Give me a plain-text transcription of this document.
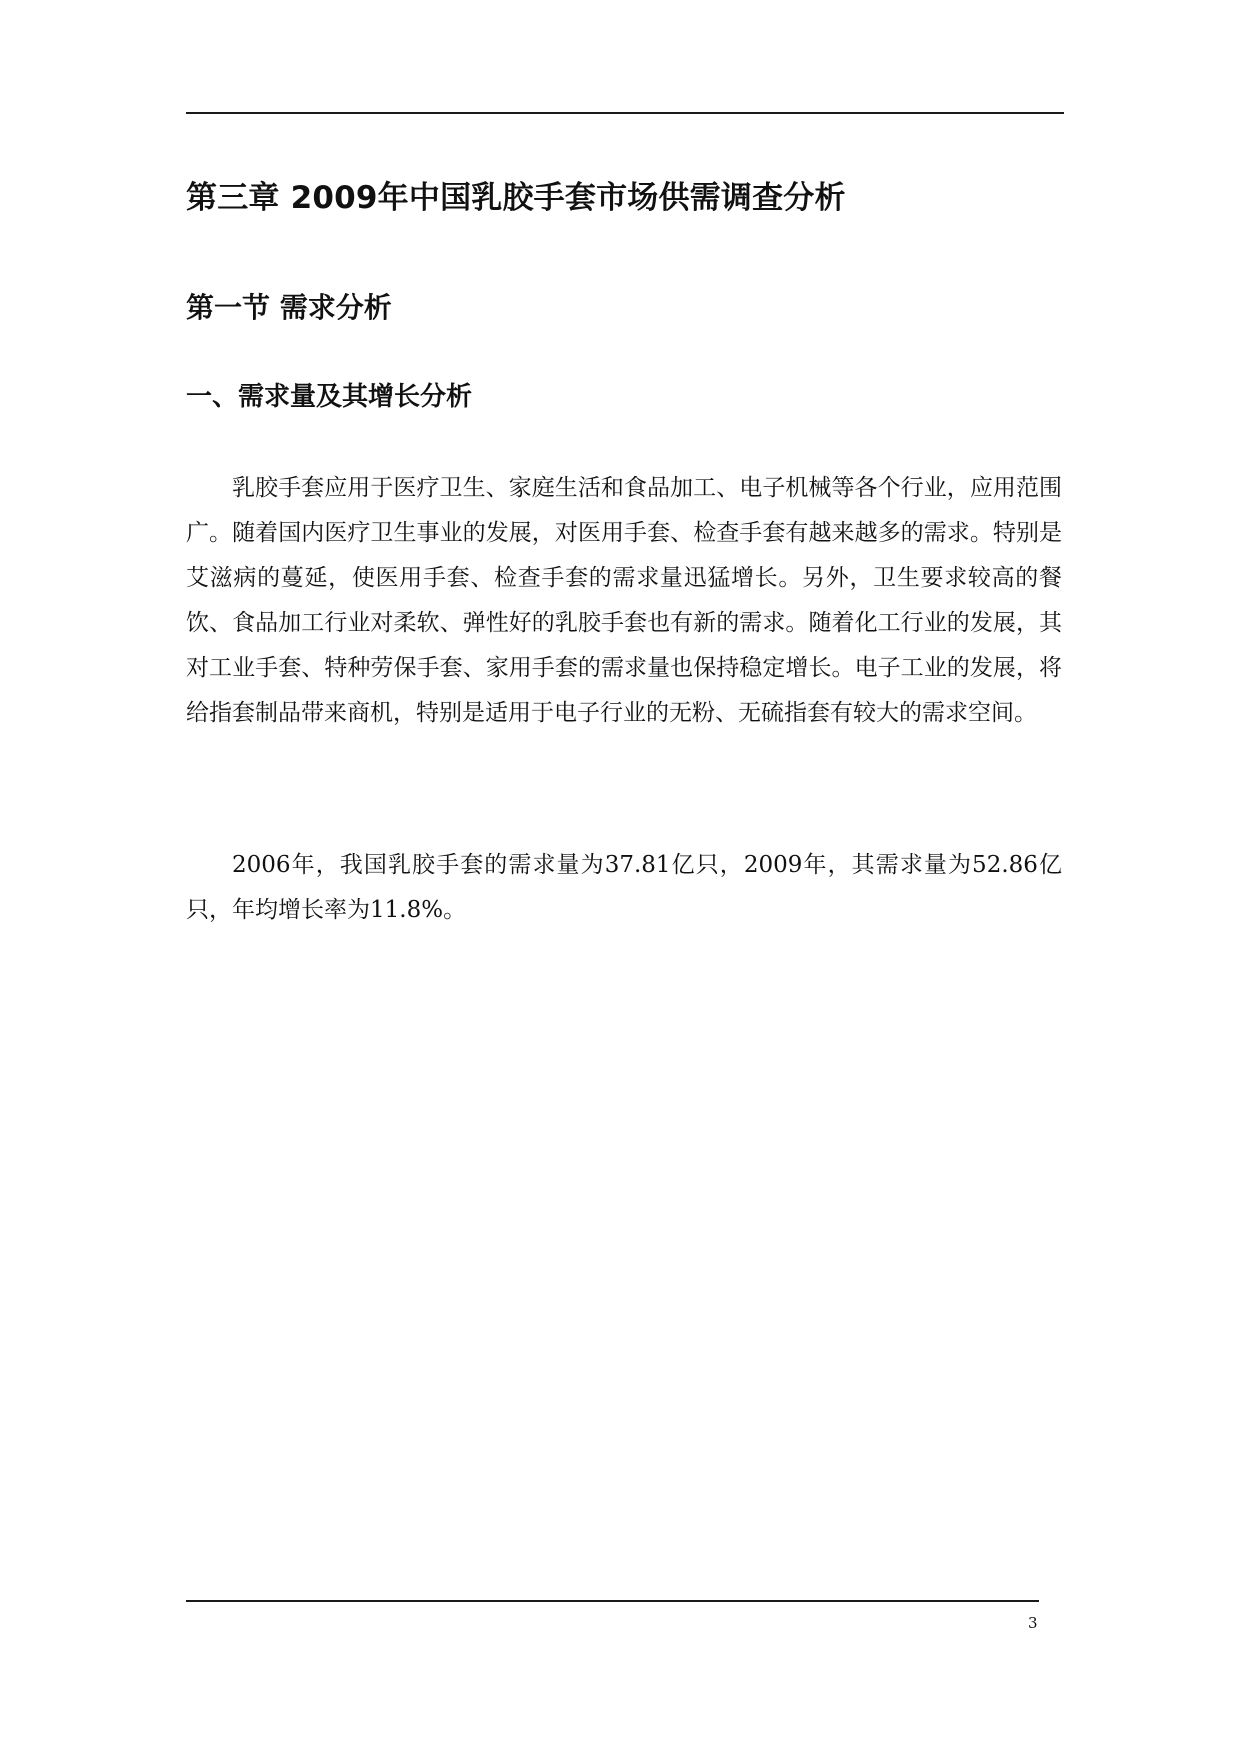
第三章 2009年中国乳胶手套市场供需调查分析
第一节 需求分析
一、需求量及其增长分析

乳胶手套应用于医疗卫生、家庭生活和食品加工、电子机械等各个行业，应用范围广。随着国内医疗卫生事业的发展，对医用手套、检查手套有越来越多的需求。特别是艾滋病的蔓延，使医用手套、检查手套的需求量迅猛增长。另外，卫生要求较高的餐饮、食品加工行业对柔软、弹性好的乳胶手套也有新的需求。随着化工行业的发展，其对工业手套、特种劳保手套、家用手套的需求量也保持稳定增长。电子工业的发展，将给指套制品带来商机，特别是适用于电子行业的无粉、无硫指套有较大的需求空间。

2006年，我国乳胶手套的需求量为37.81亿只，2009年，其需求量为52.86亿只，年均增长率为11.8%。

3
